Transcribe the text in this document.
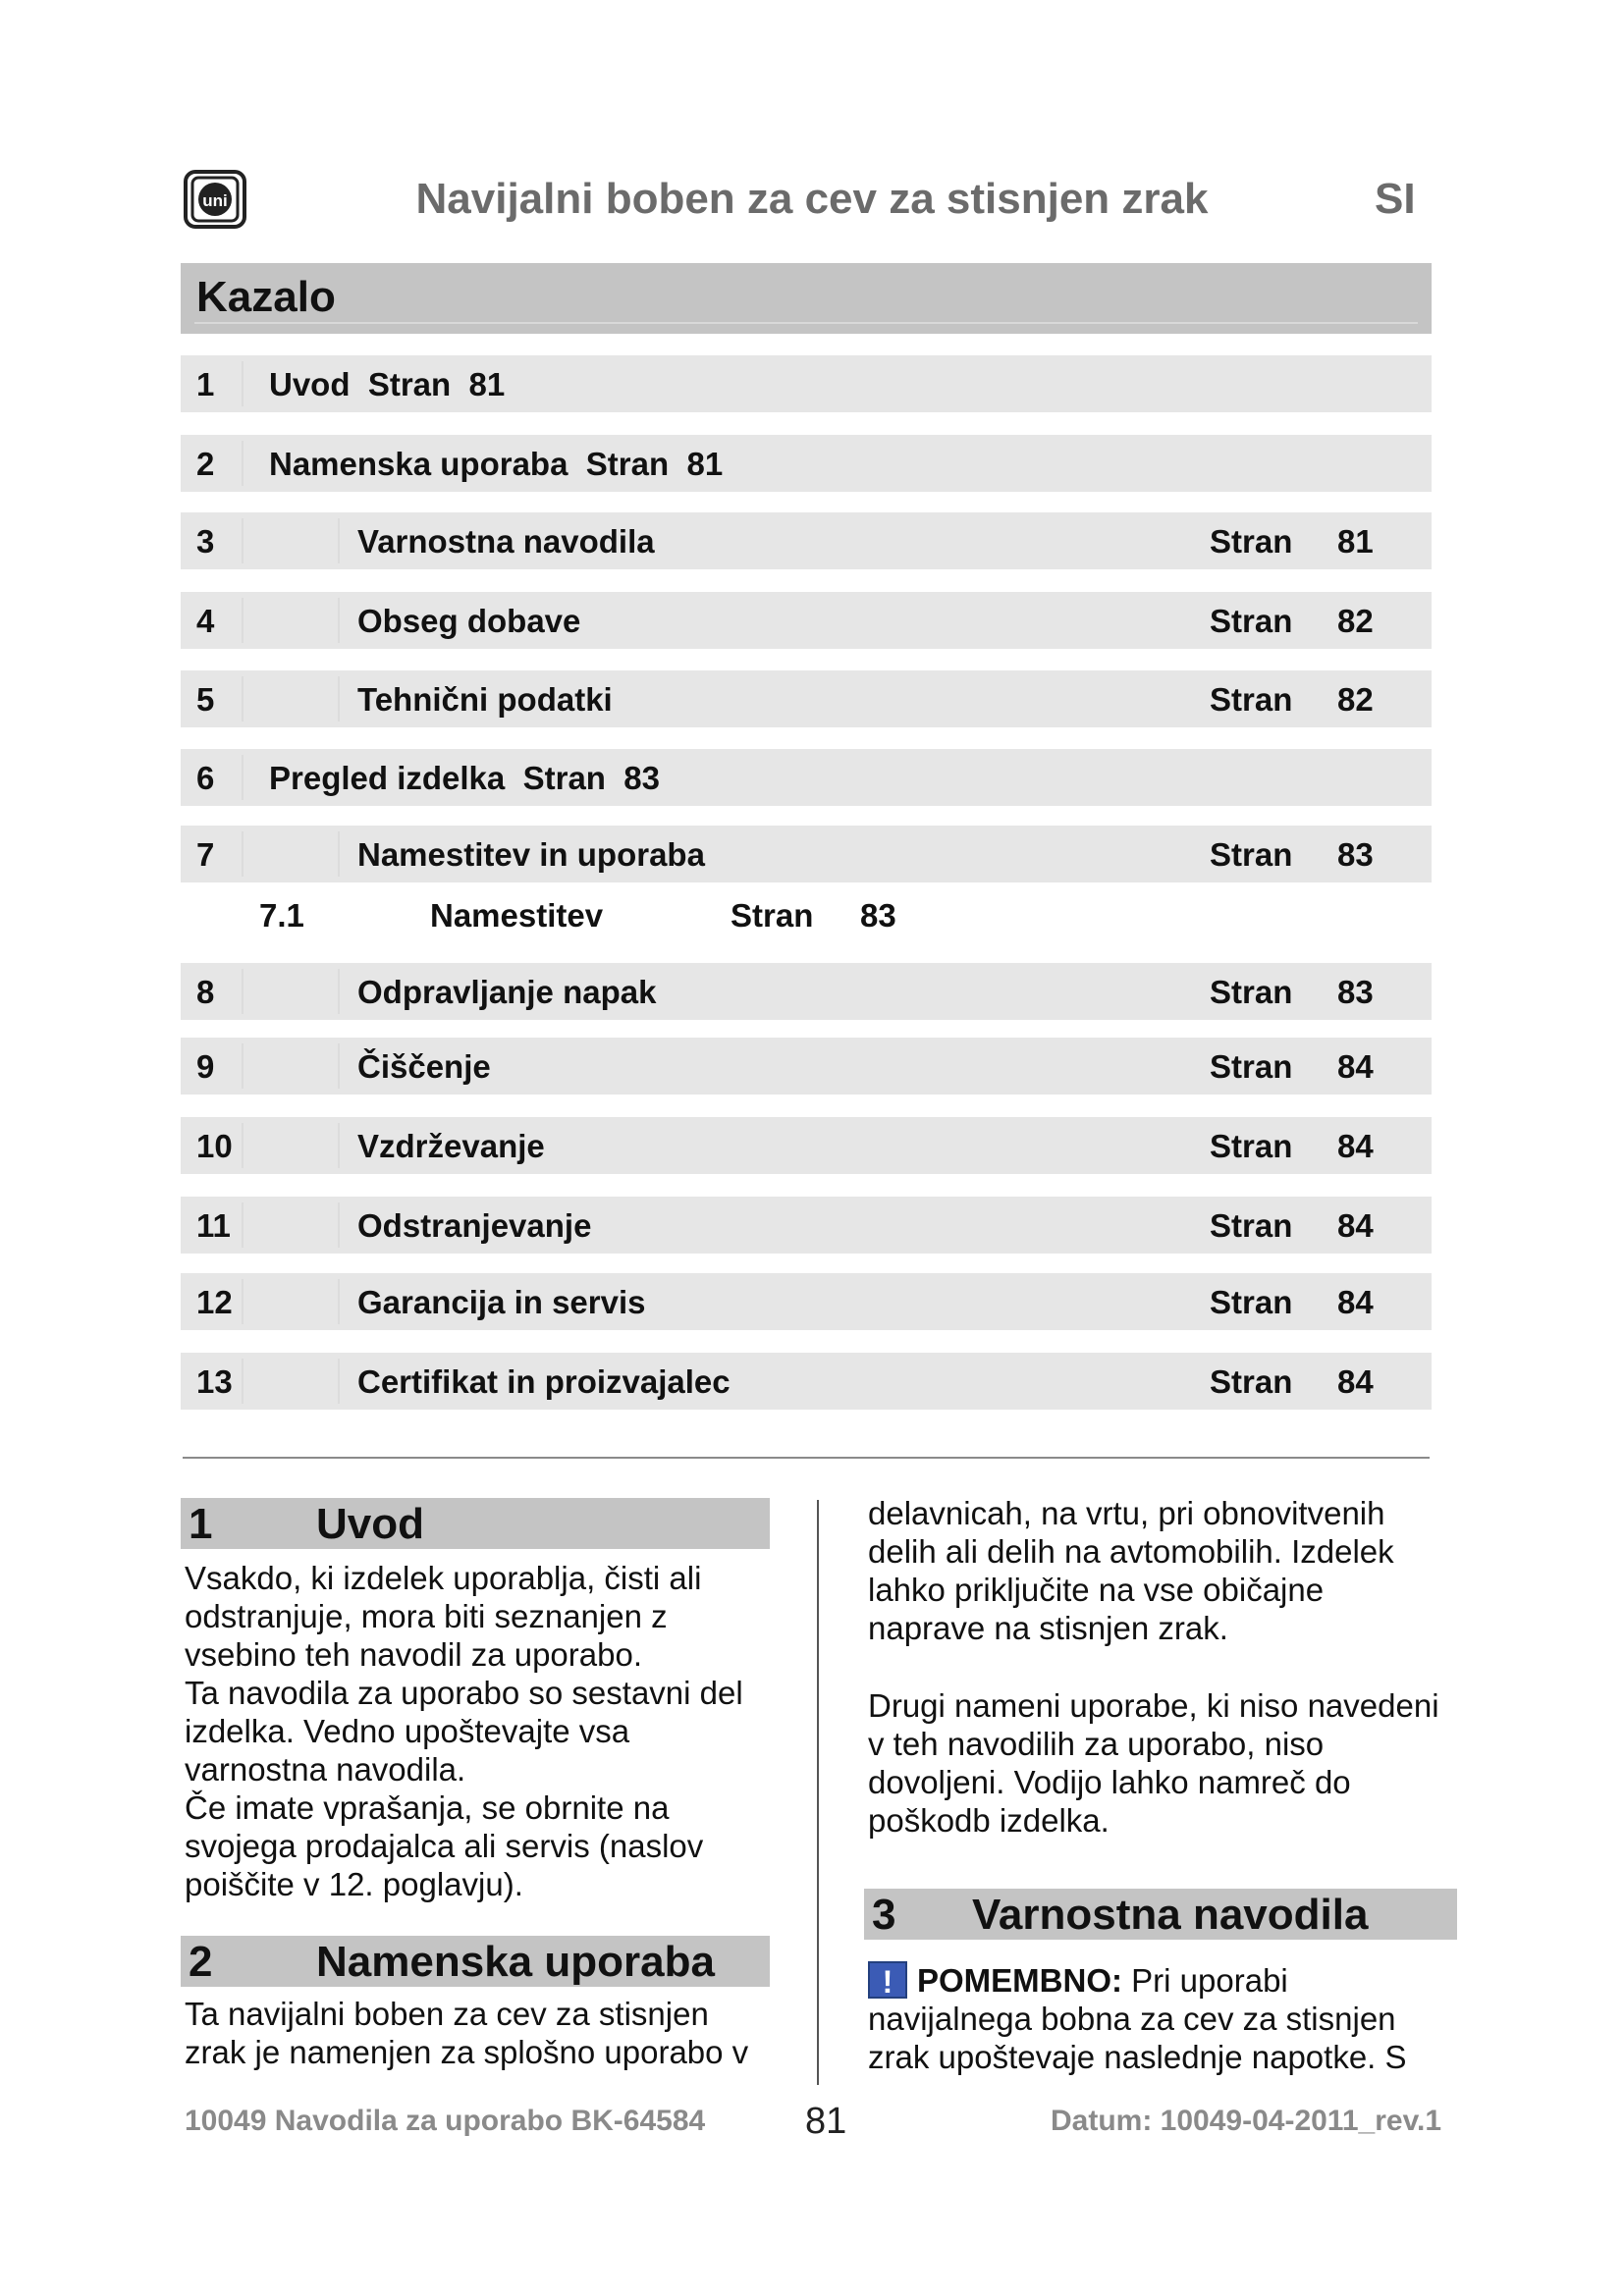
uni	Navijalni boben za cev za stisnjen zrak	SI
Kazalo
1 Uvod  Stran  81
2 Namenska uporaba  Stran  81
3	Varnostna navodila	Stran 81
4	Obseg dobave	Stran 82
5	Tehnični podatki	Stran 82
6 Pregled izdelka  Stran  83
7	Namestitev in uporaba	Stran 83
7.1	Namestitev	Stran 83
8	Odpravljanje napak	Stran 83
9	Čiščenje	Stran 84
10	Vzdrževanje	Stran 84
11	Odstranjevanje	Stran 84
12	Garancija in servis	Stran 84
13	Certifikat in proizvajalec	Stran 84
1 Uvod

Vsakdo, ki izdelek uporablja, čisti ali

odstranjuje, mora biti seznanjen z

vsebino teh navodil za uporabo.

Ta navodila za uporabo so sestavni del

izdelka. Vedno upoštevajte vsa

varnostna navodila.

Če imate vprašanja, se obrnite na

svojega prodajalca ali servis (naslov

poiščite v 12. poglavju).

2 Namenska uporaba

Ta navijalni boben za cev za stisnjen

zrak je namenjen za splošno uporabo v

delavnicah, na vrtu, pri obnovitvenih

delih ali delih na avtomobilih. Izdelek

lahko priključite na vse običajne

naprave na stisnjen zrak.

Drugi nameni uporabe, ki niso navedeni

v teh navodilih za uporabo, niso

dovoljeni. Vodijo lahko namreč do

poškodb izdelka.

3 Varnostna navodila

! POMEMBNO: Pri uporabi

navijalnega bobna za cev za stisnjen

zrak upoštevaje naslednje napotke. S

10049 Navodila za uporabo BK-64584	81	Datum: 10049-04-2011_rev.1
